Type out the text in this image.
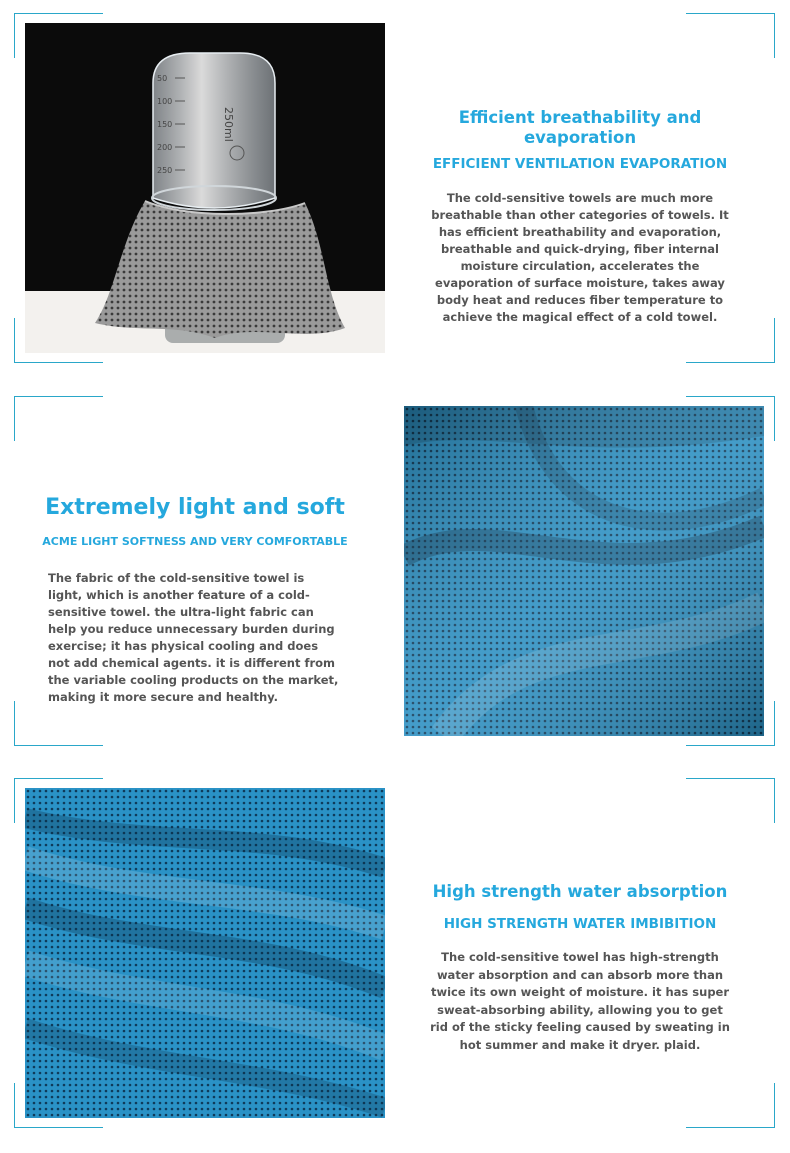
50
100
150
200
250
250ml	Efficient breathability and evaporation

EFFICIENT VENTILATION EVAPORATION

The cold-sensitive towels are much more breathable than other categories of towels. It has efficient breathability and evaporation, breathable and quick-drying, fiber internal moisture circulation, accelerates the evaporation of surface moisture, takes away body heat and reduces fiber temperature to achieve the magical effect of a cold towel.

Extremely light and soft

ACME LIGHT SOFTNESS AND VERY COMFORTABLE

The fabric of the cold-sensitive towel is light, which is another feature of a cold-sensitive towel. the ultra-light fabric can help you reduce unnecessary burden during exercise; it has physical cooling and does not add chemical agents. it is different from the variable cooling products on the market, making it more secure and healthy.

High strength water absorption

HIGH STRENGTH WATER IMBIBITION

The cold-sensitive towel has high-strength water absorption and can absorb more than twice its own weight of moisture. it has super sweat-absorbing ability, allowing you to get rid of the sticky feeling caused by sweating in hot summer and make it dryer. plaid.
